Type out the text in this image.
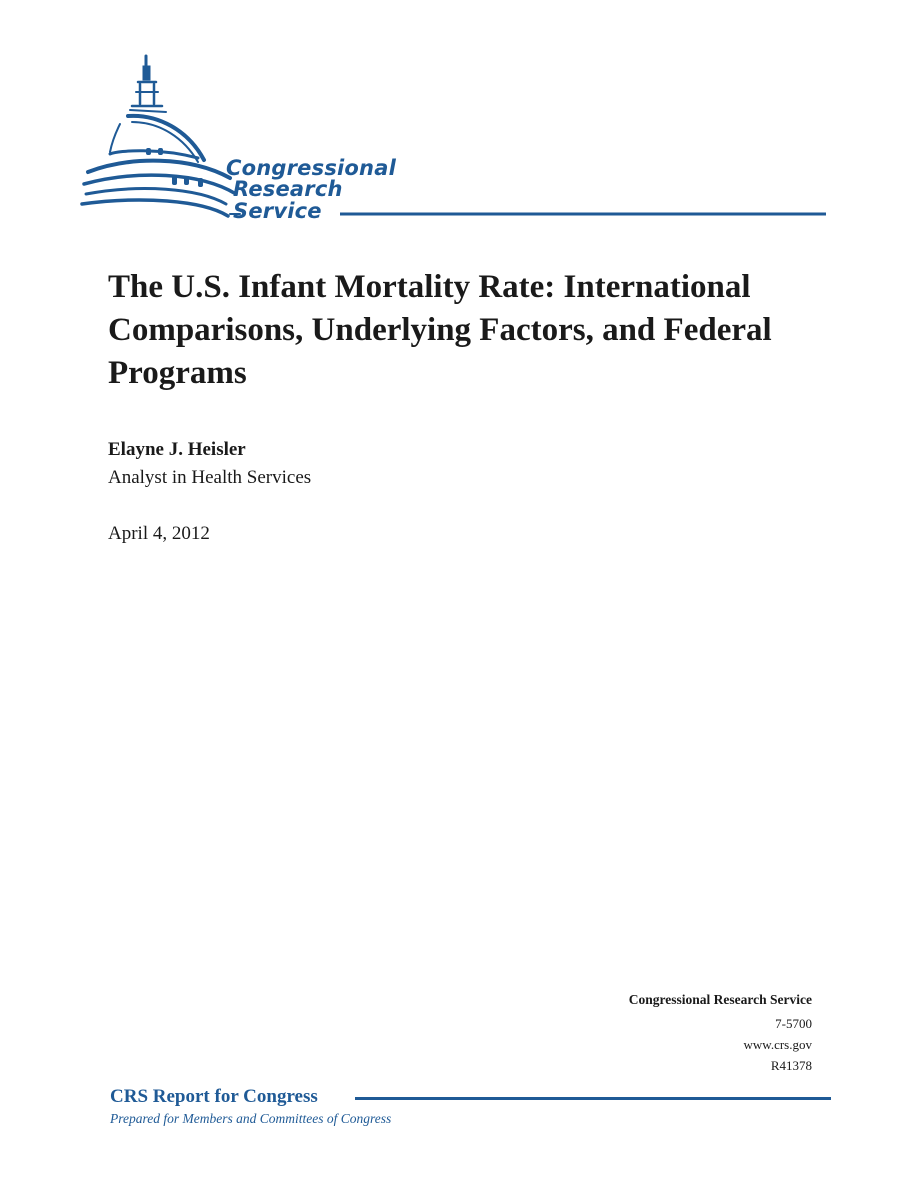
Congressional
Research
Service
The U.S. Infant Mortality Rate: International Comparisons, Underlying Factors, and Federal Programs
Elayne J. Heisler
Analyst in Health Services
April 4, 2012
Congressional Research Service
7-5700
www.crs.gov
R41378
CRS Report for Congress
Prepared for Members and Committees of Congress
